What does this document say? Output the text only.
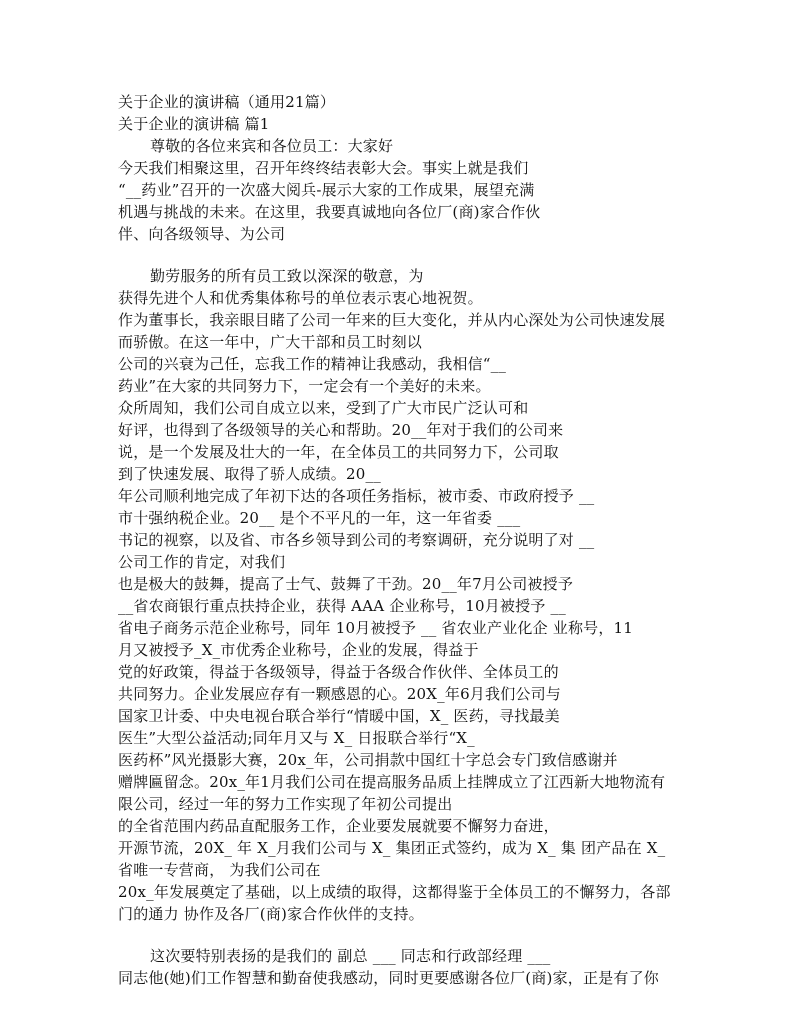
关于企业的演讲稿（通用21篇）
关于企业的演讲稿 篇1
尊敬的各位来宾和各位员工：大家好
今天我们相聚这里，召开年终终结表彰大会。事实上就是我们
“__药业”召开的一次盛大阅兵-展示大家的工作成果，展望充满
机遇与挑战的未来。在这里，我要真诚地向各位厂(商)家合作伙
伴、向各级领导、为公司
勤劳服务的所有员工致以深深的敬意，为
获得先进个人和优秀集体称号的单位表示衷心地祝贺。
作为董事长，我亲眼目睹了公司一年来的巨大变化，并从内心深处为公司快速发展
而骄傲。在这一年中，广大干部和员工时刻以
公司的兴衰为己任，忘我工作的精神让我感动，我相信“__
药业”在大家的共同努力下，一定会有一个美好的未来。
众所周知，我们公司自成立以来，受到了广大市民广泛认可和
好评，也得到了各级领导的关心和帮助。20__年对于我们的公司来
说，是一个发展及壮大的一年，在全体员工的共同努力下，公司取
到了快速发展、取得了骄人成绩。20__
年公司顺利地完成了年初下达的各项任务指标，被市委、市政府授予 __
市十强纳税企业。20__ 是个不平凡的一年，这一年省委 ___
书记的视察，以及省、市各乡领导到公司的考察调研，充分说明了对 __
公司工作的肯定，对我们
也是极大的鼓舞，提高了士气、鼓舞了干劲。20__年7月公司被授予
__省农商银行重点扶持企业，获得 AAA 企业称号，10月被授予 __
省电子商务示范企业称号，同年 10月被授予 __ 省农业产业化企 业称号，11
月又被授予_X_市优秀企业称号，企业的发展，得益于
党的好政策，得益于各级领导，得益于各级合作伙伴、全体员工的
共同努力。企业发展应存有一颗感恩的心。20X_年6月我们公司与
国家卫计委、中央电视台联合举行“情暖中国，X_ 医药，寻找最美
医生”大型公益活动;同年月又与 X_ 日报联合举行“X_
医药杯”风光摄影大赛，20x_年，公司捐款中国红十字总会专门致信感谢并
赠牌匾留念。20x_年1月我们公司在提高服务品质上挂牌成立了江西新大地物流有
限公司，经过一年的努力工作实现了年初公司提出
的全省范围内药品直配服务工作，企业要发展就要不懈努力奋进，
开源节流，20X_ 年 X_月我们公司与 X_ 集团正式签约，成为 X_ 集 团产品在 X_
省唯一专营商， 为我们公司在
20x_年发展奠定了基础，以上成绩的取得，这都得鉴于全体员工的不懈努力，各部
门的通力 协作及各厂(商)家合作伙伴的支持。
这次要特别表扬的是我们的 副总 ___ 同志和行政部经理 ___
同志他(她)们工作智慧和勤奋使我感动，同时更要感谢各位厂(商)家，正是有了你
